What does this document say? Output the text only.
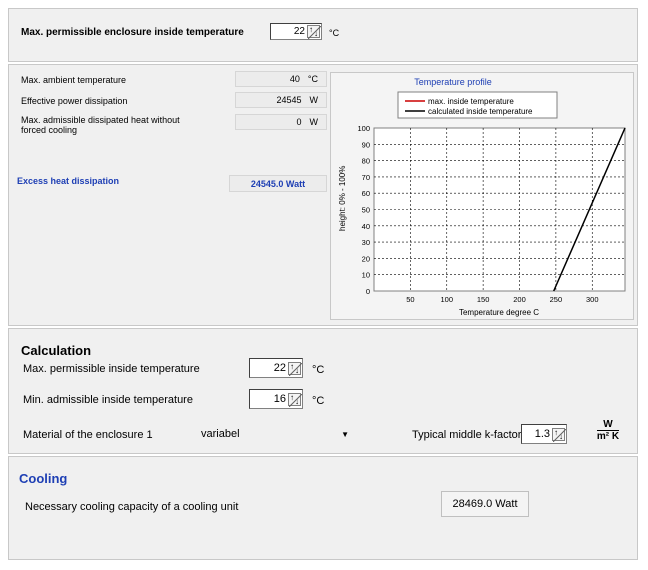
Max. permissible enclosure inside temperature	22 ↑ ↓ °C
Max. ambient temperature	40 °C
Effective power dissipation	24545 W
Max. admissible dissipated heat without
forced cooling
0 W
Excess heat dissipation	24545.0 Watt
Temperature profile
0
10
20
30
40
50
60
70
80
90
100
50	100	150	200	250	300
height: 0% - 100%
Temperature degree C
max. inside temperature
calculated inside temperature
Calculation
Max. permissible inside temperature	22 ↑ ↓ °C
Min. admissible inside temperature	16 ↑ ↓ °C
Material of the enclosure 1	variabel	▼	Typical middle k-factor 1.3 ↑ ↓
W
m² K
Cooling
Necessary cooling capacity of a cooling unit	28469.0 Watt
